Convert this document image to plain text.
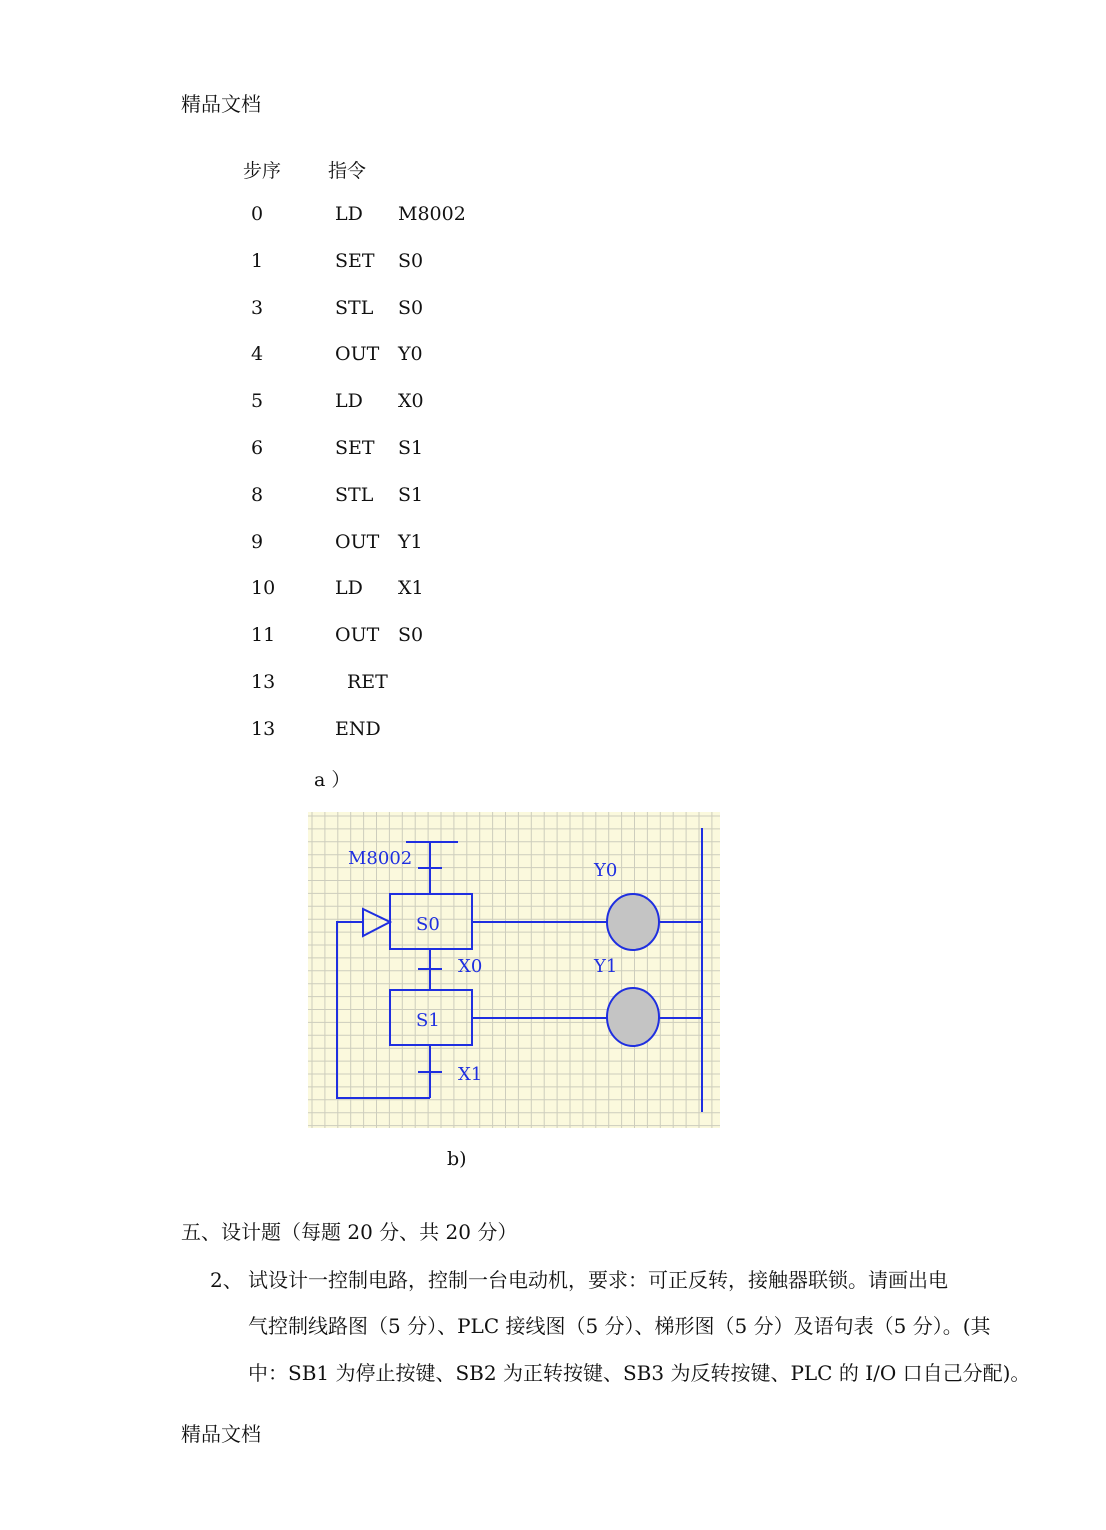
精品文档
步序 指令
0	LD M8002
1	SET S0
3	STL S0
4	OUT Y0
5	LD X0
6	SET S1
8	STL S1
9	OUT Y1
10	LD X1
11	OUT S0
13	RET
13	END
a ）
M8002
S0
S1
X0
X1
Y0
Y1
b)
五、设计题（每题 20 分、共 20 分）
2、 试设计一控制电路，控制一台电动机，要求：可正反转，接触器联锁。请画出电
气控制线路图（5 分）、PLC 接线图（5 分）、梯形图（5 分）及语句表（5 分）。(其
中：SB1 为停止按键、SB2 为正转按键、SB3 为反转按键、PLC 的 I/O 口自己分配)。
精品文档
